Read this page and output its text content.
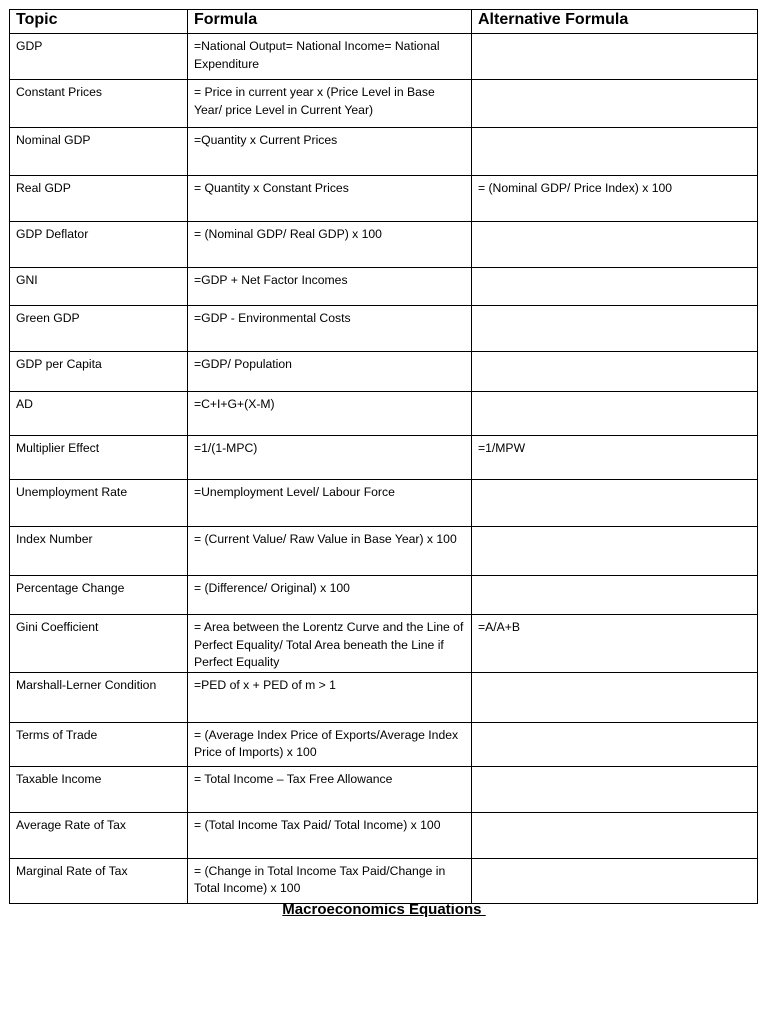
Topic	Formula	Alternative Formula
GDP	=National Output= National Income= National Expenditure	
Constant Prices	= Price in current year x (Price Level in Base Year/ price Level in Current Year)	
Nominal GDP	=Quantity x Current Prices	
Real GDP	= Quantity x Constant Prices	= (Nominal GDP/ Price Index) x 100
GDP Deflator	= (Nominal GDP/ Real GDP) x 100	
GNI	=GDP + Net Factor Incomes	
Green GDP	=GDP - Environmental Costs	
GDP per Capita	=GDP/ Population	
AD	=C+I+G+(X-M)	
Multiplier Effect	=1/(1-MPC)	=1/MPW
Unemployment Rate	=Unemployment Level/ Labour Force	
Index Number	= (Current Value/ Raw Value in Base Year) x 100	
Percentage Change	= (Difference/ Original) x 100	
Gini Coefficient	= Area between the Lorentz Curve and the Line of Perfect Equality/ Total Area beneath the Line if Perfect Equality	=A/A+B
Marshall-Lerner Condition	=PED of x + PED of m > 1	
Terms of Trade	= (Average Index Price of Exports/Average Index Price of Imports) x 100	
Taxable Income	= Total Income – Tax Free Allowance	
Average Rate of Tax	= (Total Income Tax Paid/ Total Income) x 100	
Marginal Rate of Tax	= (Change in Total Income Tax Paid/Change in Total Income) x 100	
Macroeconomics Equations
